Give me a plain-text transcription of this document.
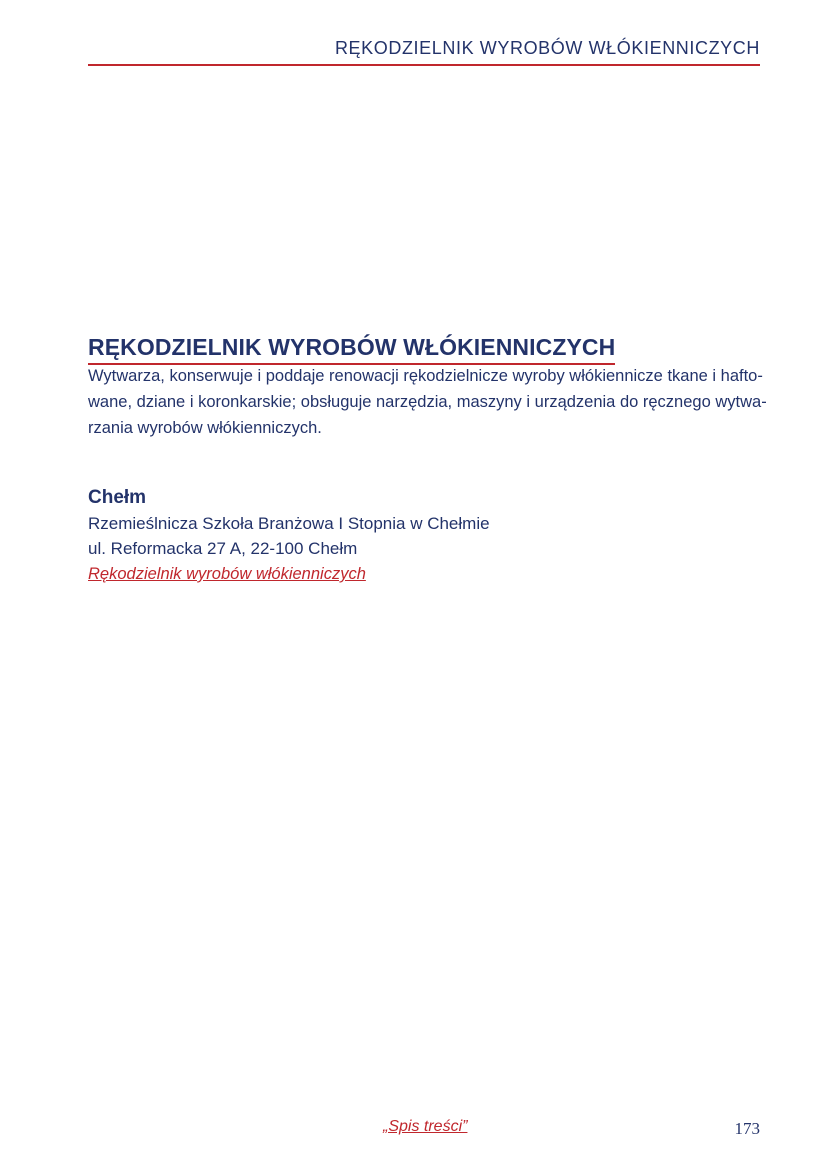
RĘKODZIELNIK WYROBÓW WŁÓKIENNICZYCH
RĘKODZIELNIK WYROBÓW WŁÓKIENNICZYCH
Wytwarza, konserwuje i poddaje renowacji rękodzielnicze wyroby włókiennicze tkane i hafto-
wane, dziane i koronkarskie; obsługuje narzędzia, maszyny i urządzenia do ręcznego wytwa-
rzania wyrobów włókienniczych.
Chełm
Rzemieślnicza Szkoła Branżowa I Stopnia w Chełmie
ul. Reformacka 27 A, 22-100 Chełm
Rękodzielnik wyrobów włókienniczych
„Spis treści”	173
